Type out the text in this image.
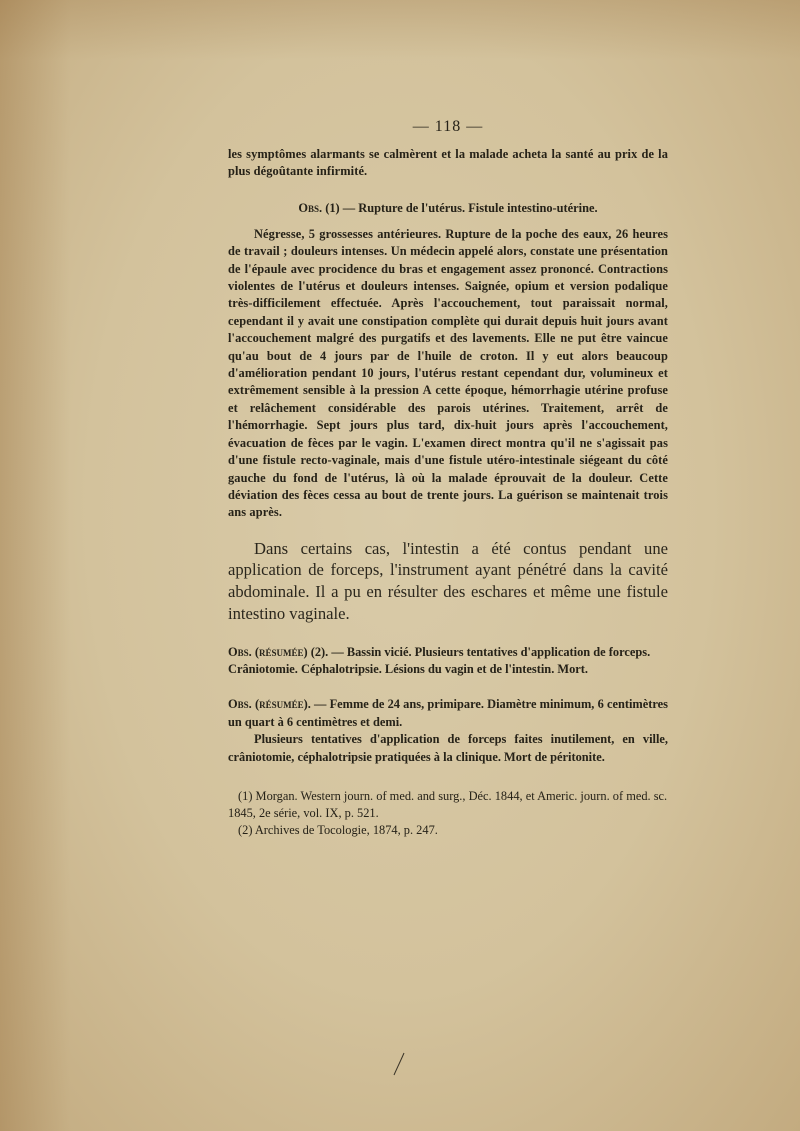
— 118 —

les symptômes alarmants se calmèrent et la malade acheta la santé au prix de la plus dégoûtante infirmité.

Obs. (1) — Rupture de l'utérus. Fistule intestino-utérine.

Négresse, 5 grossesses antérieures. Rupture de la poche des eaux, 26 heures de travail ; douleurs intenses. Un médecin appelé alors, constate une présentation de l'épaule avec procidence du bras et engagement assez prononcé. Contractions violentes de l'utérus et douleurs intenses. Saignée, opium et version podalique très-difficilement effectuée. Après l'accouchement, tout paraissait normal, cependant il y avait une constipation complète qui durait depuis huit jours avant l'accouchement malgré des purgatifs et des lavements. Elle ne put être vaincue qu'au bout de 4 jours par de l'huile de croton. Il y eut alors beaucoup d'amélioration pendant 10 jours, l'utérus restant cependant dur, volumineux et extrêmement sensible à la pression A cette époque, hémorrhagie utérine profuse et relâchement considérable des parois utérines. Traitement, arrêt de l'hémorrhagie. Sept jours plus tard, dix-huit jours après l'accouchement, évacuation de fèces par le vagin. L'examen direct montra qu'il ne s'agissait pas d'une fistule recto-vaginale, mais d'une fistule utéro-intestinale siégeant du côté gauche du fond de l'utérus, là où la malade éprouvait de la douleur. Cette déviation des fèces cessa au bout de trente jours. La guérison se maintenait trois ans après.

Dans certains cas, l'intestin a été contus pendant une application de forceps, l'instrument ayant pénétré dans la cavité abdominale. Il a pu en résulter des eschares et même une fistule intestino vaginale.

Obs. (résumée) (2). — Bassin vicié. Plusieurs tentatives d'application de forceps. Crâniotomie. Céphalotripsie. Lésions du vagin et de l'intestin. Mort.

Obs. (résumée). — Femme de 24 ans, primipare. Diamètre minimum, 6 centimètres un quart à 6 centimètres et demi.

Plusieurs tentatives d'application de forceps faites inutilement, en ville, crâniotomie, céphalotripsie pratiquées à la clinique. Mort de péritonite.

(1) Morgan. Western journ. of med. and surg., Déc. 1844, et Americ. journ. of med. sc. 1845, 2e série, vol. IX, p. 521.

(2) Archives de Tocologie, 1874, p. 247.
